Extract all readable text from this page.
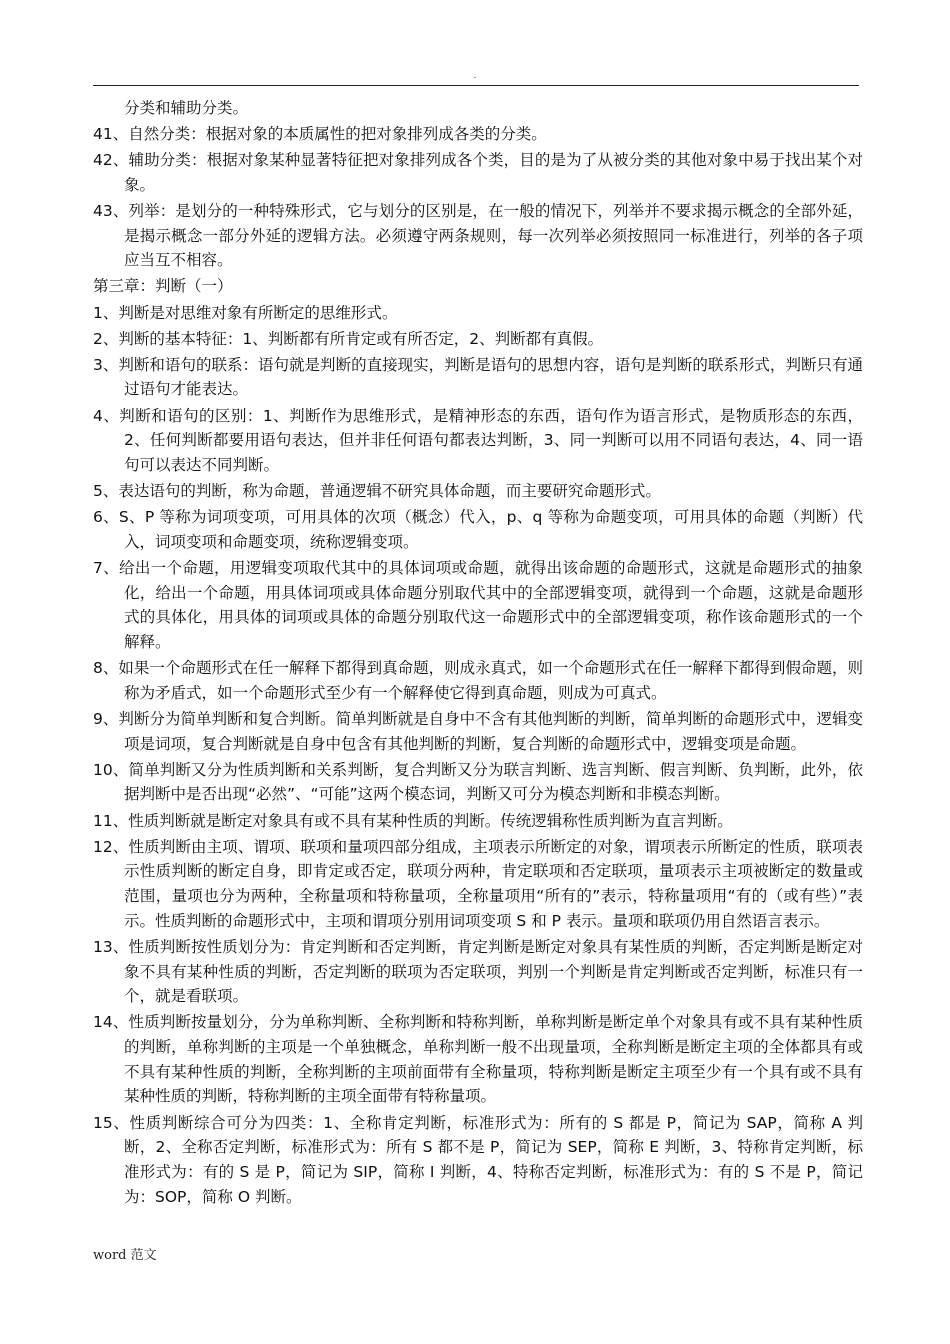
.

分类和辅助分类。

41、自然分类：根据对象的本质属性的把对象排列成各类的分类。

42、辅助分类：根据对象某种显著特征把对象排列成各个类，目的是为了从被分类的其他对象中易于找出某个对象。

43、列举：是划分的一种特殊形式，它与划分的区别是，在一般的情况下，列举并不要求揭示概念的全部外延，是揭示概念一部分外延的逻辑方法。必须遵守两条规则，每一次列举必须按照同一标准进行，列举的各子项应当互不相容。

第三章：判断（一）

1、判断是对思维对象有所断定的思维形式。

2、判断的基本特征：1、判断都有所肯定或有所否定，2、判断都有真假。

3、判断和语句的联系：语句就是判断的直接现实，判断是语句的思想内容，语句是判断的联系形式，判断只有通过语句才能表达。

4、判断和语句的区别：1、判断作为思维形式，是精神形态的东西，语句作为语言形式，是物质形态的东西，2、任何判断都要用语句表达，但并非任何语句都表达判断，3、同一判断可以用不同语句表达，4、同一语句可以表达不同判断。

5、表达语句的判断，称为命题，普通逻辑不研究具体命题，而主要研究命题形式。

6、S、P 等称为词项变项，可用具体的次项（概念）代入，p、q 等称为命题变项，可用具体的命题（判断）代入，词项变项和命题变项，统称逻辑变项。

7、给出一个命题，用逻辑变项取代其中的具体词项或命题，就得出该命题的命题形式，这就是命题形式的抽象化，给出一个命题，用具体词项或具体命题分别取代其中的全部逻辑变项，就得到一个命题，这就是命题形式的具体化，用具体的词项或具体的命题分别取代这一命题形式中的全部逻辑变项，称作该命题形式的一个解释。

8、如果一个命题形式在任一解释下都得到真命题，则成永真式，如一个命题形式在任一解释下都得到假命题，则称为矛盾式，如一个命题形式至少有一个解释使它得到真命题，则成为可真式。

9、判断分为简单判断和复合判断。简单判断就是自身中不含有其他判断的判断，简单判断的命题形式中，逻辑变项是词项，复合判断就是自身中包含有其他判断的判断，复合判断的命题形式中，逻辑变项是命题。

10、简单判断又分为性质判断和关系判断，复合判断又分为联言判断、选言判断、假言判断、负判断，此外，依据判断中是否出现“必然”、“可能”这两个模态词，判断又可分为模态判断和非模态判断。

11、性质判断就是断定对象具有或不具有某种性质的判断。传统逻辑称性质判断为直言判断。

12、性质判断由主项、谓项、联项和量项四部分组成，主项表示所断定的对象，谓项表示所断定的性质，联项表示性质判断的断定自身，即肯定或否定，联项分两种，肯定联项和否定联项，量项表示主项被断定的数量或范围，量项也分为两种，全称量项和特称量项，全称量项用“所有的”表示，特称量项用“有的（或有些）”表示。性质判断的命题形式中，主项和谓项分别用词项变项 S 和 P 表示。量项和联项仍用自然语言表示。

13、性质判断按性质划分为：肯定判断和否定判断，肯定判断是断定对象具有某性质的判断，否定判断是断定对象不具有某种性质的判断，否定判断的联项为否定联项，判别一个判断是肯定判断或否定判断，标准只有一个，就是看联项。

14、性质判断按量划分，分为单称判断、全称判断和特称判断，单称判断是断定单个对象具有或不具有某种性质的判断，单称判断的主项是一个单独概念，单称判断一般不出现量项，全称判断是断定主项的全体都具有或不具有某种性质的判断，全称判断的主项前面带有全称量项，特称判断是断定主项至少有一个具有或不具有某种性质的判断，特称判断的主项全面带有特称量项。

15、性质判断综合可分为四类：1、全称肯定判断，标准形式为：所有的 S 都是 P，简记为 SAP，简称 A 判断，2、全称否定判断，标准形式为：所有 S 都不是 P，简记为 SEP，简称 E 判断，3、特称肯定判断，标准形式为：有的 S 是 P，简记为 SIP，简称 I 判断，4、特称否定判断，标准形式为：有的 S 不是 P，简记为：SOP，简称 O 判断。

word 范文
